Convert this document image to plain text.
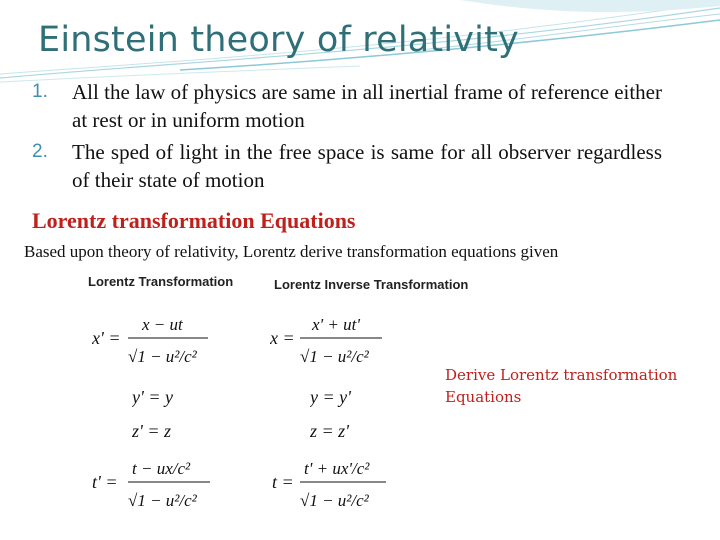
Einstein theory of relativity
1. All the law of physics are same in all inertial frame of reference either at rest or in uniform motion
2. The sped of light in the free space is same for all observer regardless of their state of motion
Lorentz transformation Equations
Based upon theory of relativity, Lorentz derive transformation equations given
Lorentz Transformation	Lorentz Inverse Transformation
x' =
x − ut
√1 − u²/c²
y' = y
z' = z
t' =
t − ux/c²
√1 − u²/c²
x =
x' + ut'
√1 − u²/c²
y = y'
z = z'
t =
t' + ux'/c²
√1 − u²/c²
Derive Lorentz transformation Equations
